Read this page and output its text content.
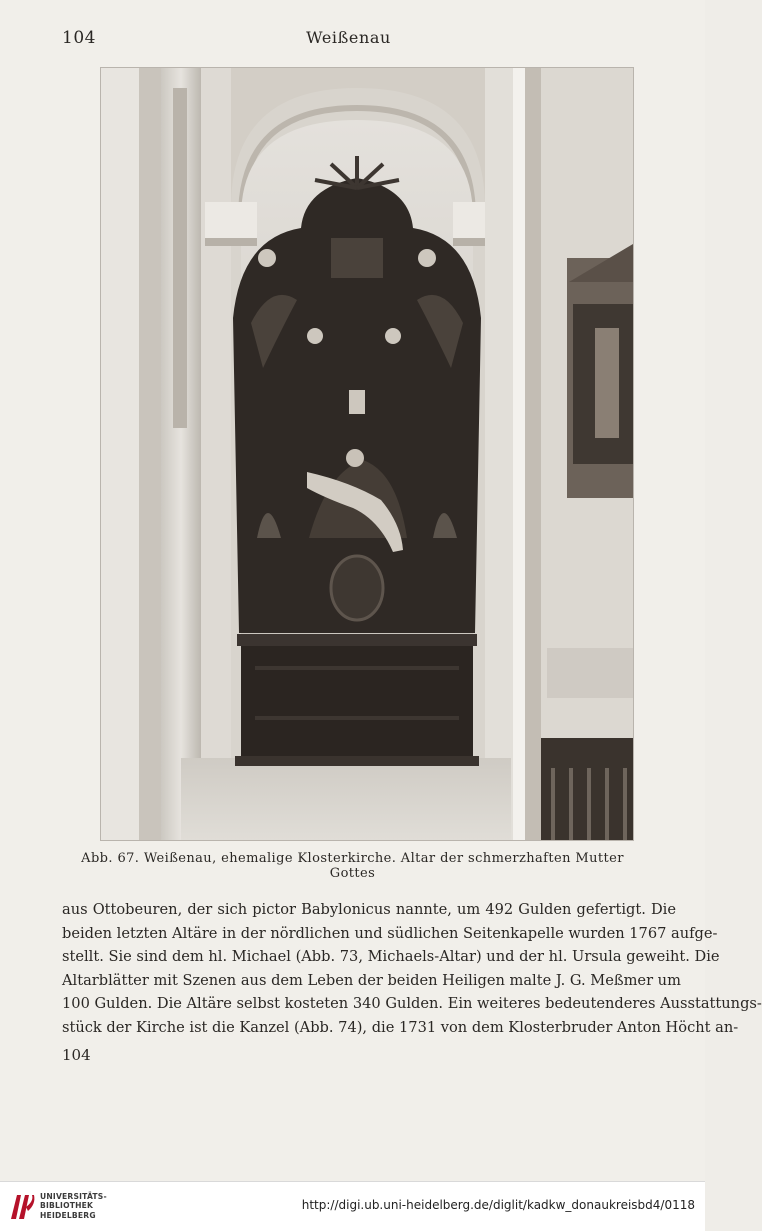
104	Weißenau
Abb. 67. Weißenau, ehemalige Klosterkirche. Altar der schmerzhaften Mutter Gottes
aus Ottobeuren, der sich pictor Babylonicus nannte, um 492 Gulden gefertigt. Die
beiden letzten Altäre in der nördlichen und südlichen Seitenkapelle wurden 1767 aufge-
stellt. Sie sind dem hl. Michael (Abb. 73, Michaels-Altar) und der hl. Ursula geweiht. Die
Altarblätter mit Szenen aus dem Leben der beiden Heiligen malte J. G. Meßmer um
100 Gulden. Die Altäre selbst kosteten 340 Gulden. Ein weiteres bedeutenderes Ausstattungs-
stück der Kirche ist die Kanzel (Abb. 74), die 1731 von dem Klosterbruder Anton Höcht an-
104
UNIVERSITÄTS-
BIBLIOTHEK
HEIDELBERG
http://digi.ub.uni-heidelberg.de/diglit/kadkw_donaukreisbd4/0118
